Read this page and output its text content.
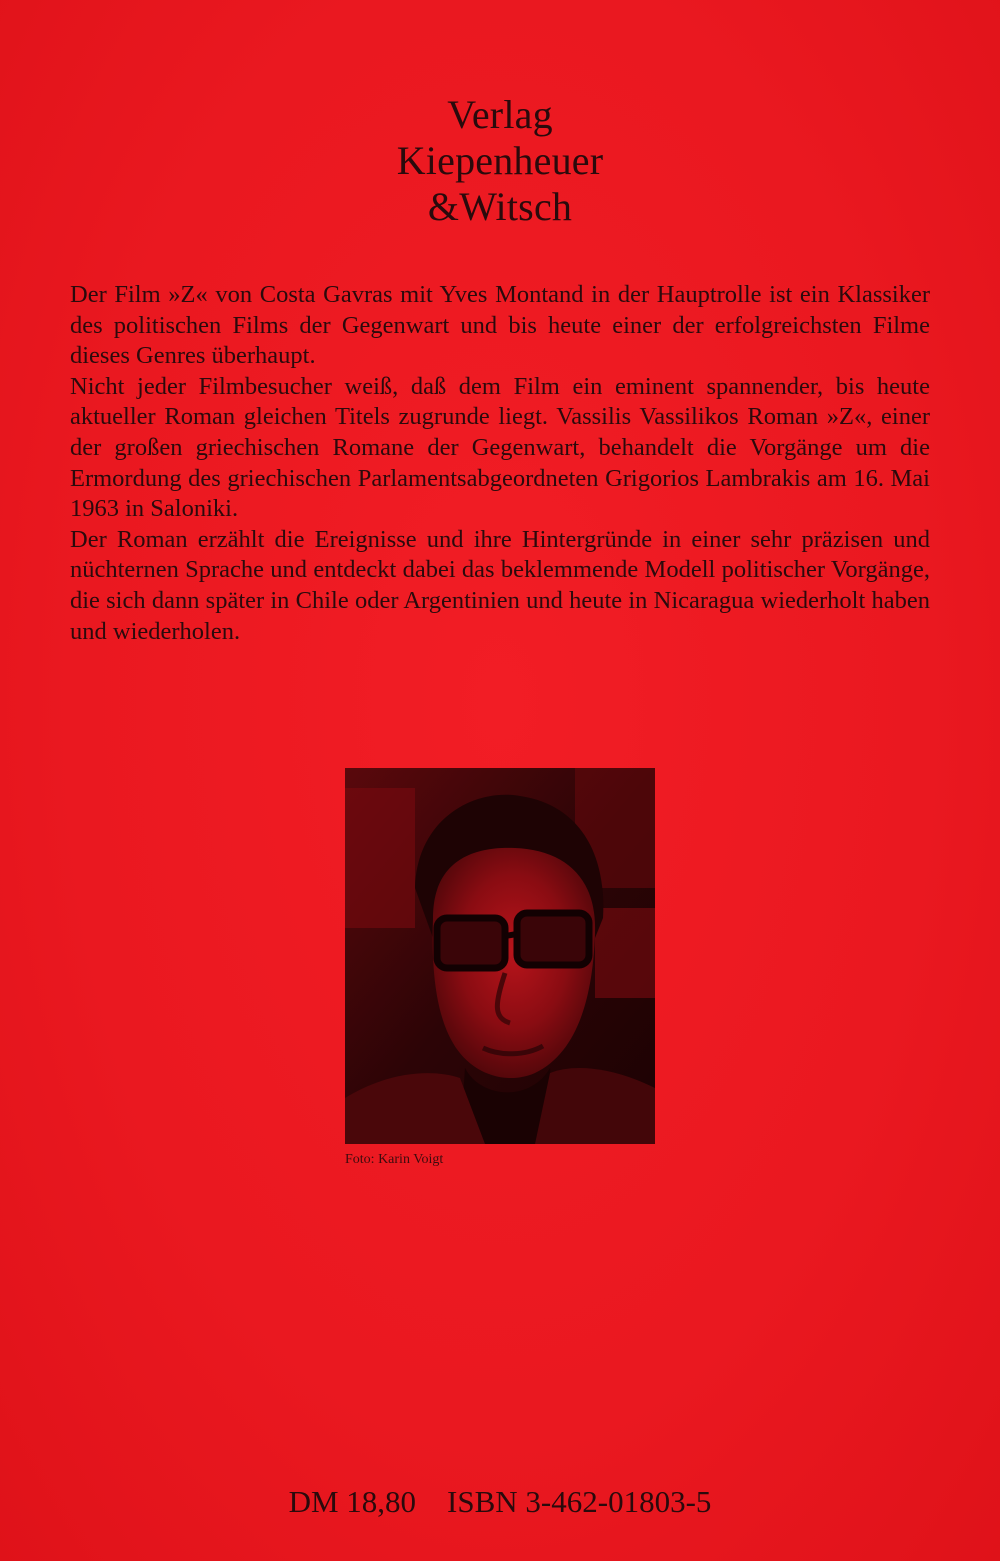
Verlag
Kiepenheuer
&Witsch

Der Film »Z« von Costa Gavras mit Yves Montand in der Hauptrolle ist ein Klassiker des politischen Films der Gegenwart und bis heute einer der erfolgreichsten Filme dieses Genres überhaupt.

Nicht jeder Filmbesucher weiß, daß dem Film ein eminent spannender, bis heute aktueller Roman gleichen Titels zugrunde liegt. Vassilis Vassilikos Roman »Z«, einer der großen griechischen Romane der Gegenwart, behandelt die Vorgänge um die Ermordung des griechischen Parlamentsabgeordneten Grigorios Lambrakis am 16. Mai 1963 in Saloniki.

Der Roman erzählt die Ereignisse und ihre Hintergründe in einer sehr präzisen und nüchternen Sprache und entdeckt dabei das beklemmende Modell politischer Vorgänge, die sich dann später in Chile oder Argentinien und heute in Nicaragua wiederholt haben und wiederholen.

Foto: Karin Voigt
DM 18,80 ISBN 3-462-01803-5
